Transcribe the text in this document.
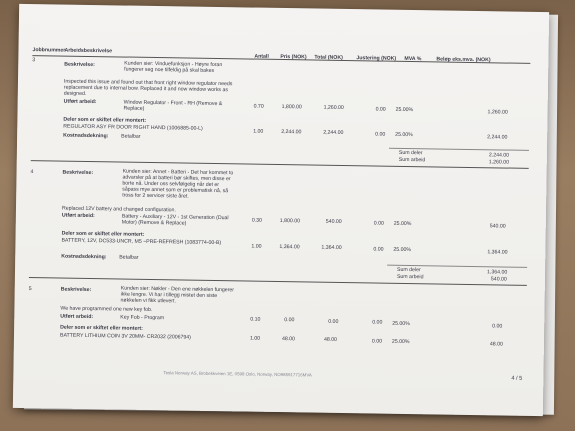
Jobbnummer Arbeidsbeskrivelse
Antall Pris (NOK) Total (NOK)	Justering (NOK) MVA %	Beløp eks.mva. (NOK)
3
Beskrivelse:	Kunden sier: Vinduefunksjon - Høyre foran fungerer seg noe tilfeldig på skal bakes
Inspected this issue and found out that front right window regulator needs replacement due to internal bow. Replaced it and now window works as designed.
Utført arbeid:	Window Regulator - Front - RH (Remove & Replace)	0.70	1,800.00	1,260.00	0.00 25.00%	1,260.00
Deler som er skiftet eller montert:
REGULATOR ASY FR DOOR RIGHT HAND (1006885-00-L)	1.00	2,244.00	2,244.00	0.00 25.00%	2,244.00
Kostnadsdekning: Betalbar
Sum deler	2,244.00
Sum arbeid	1,260.00
4	Beskrivelse:	Kunden sier: Annet - Batteri - Det har kommet to advarsler på at batteri bør skiftes, men disse er borte nå. Under oss selvfølgelig når det er såpass mye annet som er problematisk nå, så tross for 2 servicer siste året.
Replaced 12V battery and changed configuration.
Utført arbeid:	Battery - Auxiliary - 12V - 1st Generation (Dual Motor) (Remove & Replace)	0.30	1,800.00	540.00	0.00 25.00%	540.00
Deler som er skiftet eller montert:
BATTERY, 12V, DC533-UNCR, M5 ~PRE-REFRESH (1083774-00-B)
1.00	1,364.00	1,364.00	0.00 25.00%	1,364.00
Kostnadsdekning: Betalbar
Sum deler	1,364.00
Sum arbeid	540.00
5	Beskrivelse:	Kunden sier: Nøkler - Den ene nøkkelen fungerer ikke lengre. Vi har i tillegg mistet den siste nøkkelen vi fikk utlevert.
We have programmed one new key fob.
Utført arbeid:	Key Fob - Program	0.10	0.00	0.00	0.00 25.00%	0.00
Deler som er skiftet eller montert:
BATTERY LITHIUM COIN 3V 20MM- CR2032 (2006794)	1.00	48.00	48.00	0.00 25.00%	48.00
Tesla Norway AS, Brobekkveien 1E, 0598 Oslo, Norway, NO985917716MVA
4 / 5
